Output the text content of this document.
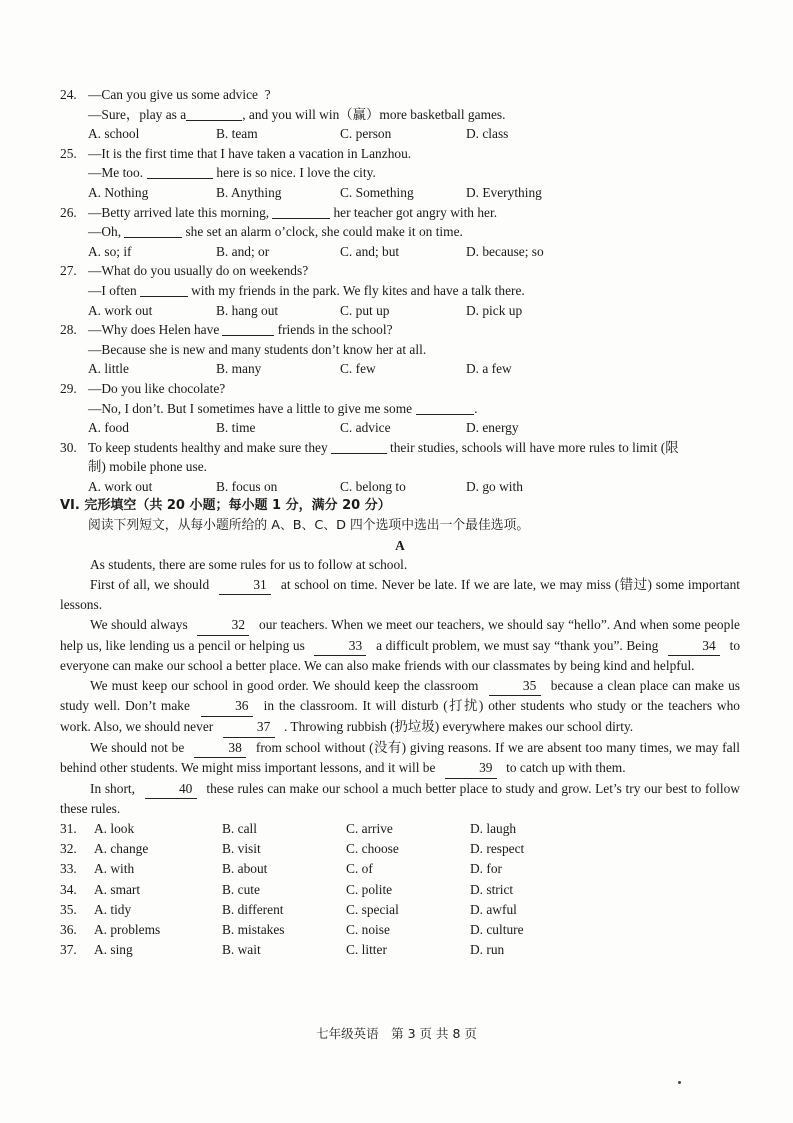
24. —Can you give us some advice  ?
—Sure，play as a	, and you will win（赢）more basketball games.
A. school	B. team	C. person	D. class
25. —It is the first time that I have taken a vacation in Lanzhou.
—Me too.	here is so nice. I love the city.
A. Nothing	B. Anything	C. Something	D. Everything
26. —Betty arrived late this morning,	her teacher got angry with her.
—Oh,	she set an alarm o’clock, she could make it on time.
A. so; if	B. and; or	C. and; but	D. because; so
27. —What do you usually do on weekends?
—I often	with my friends in the park. We fly kites and have a talk there.
A. work out	B. hang out	C. put up	D. pick up
28. —Why does Helen have	friends in the school?
—Because she is new and many students don’t know her at all.
A. little	B. many	C. few	D. a few
29. —Do you like chocolate?
—No, I don’t. But I sometimes have a little to give me some	.
A. food	B. time	C. advice	D. energy
30. To keep students healthy and make sure they	their studies, schools will have more rules to limit (限
制) mobile phone use.
A. work out	B. focus on	C. belong to	D. go with
VI. 完形填空（共 20 小题；每小题 1 分，满分 20 分）
阅读下列短文，从每小题所给的 A、B、C、D 四个选项中选出一个最佳选项。
A

As students, there are some rules for us to follow at school.

First of all, we should	31 at school on time. Never be late. If we are late, we may miss (错过) some important lessons.

We should always	32 our teachers. When we meet our teachers, we should say “hello”. And when some people help us, like lending us a pencil or helping us	33 a difficult problem, we must say “thank you”. Being	34 to everyone can make our school a better place. We can also make friends with our classmates by being kind and helpful.

We must keep our school in good order. We should keep the classroom	35 because a clean place can make us study well. Don’t make	36 in the classroom. It will disturb (打扰) other students who study or the teachers who work. Also, we should never	37 . Throwing rubbish (扔垃圾) everywhere makes our school dirty.

We should not be	38 from school without (没有) giving reasons. If we are absent too many times, we may fall behind other students. We might miss important lessons, and it will be	39 to catch up with them.

In short,	40 these rules can make our school a much better place to study and grow. Let’s try our best to follow these rules.

31.	A. look	B. call	C. arrive	D. laugh
32.	A. change	B. visit	C. choose	D. respect
33.	A. with	B. about	C. of	D. for
34.	A. smart	B. cute	C. polite	D. strict
35.	A. tidy	B. different	C. special	D. awful
36.	A. problems	B. mistakes	C. noise	D. culture
37.	A. sing	B. wait	C. litter	D. run
七年级英语　第 3 页 共 8 页
